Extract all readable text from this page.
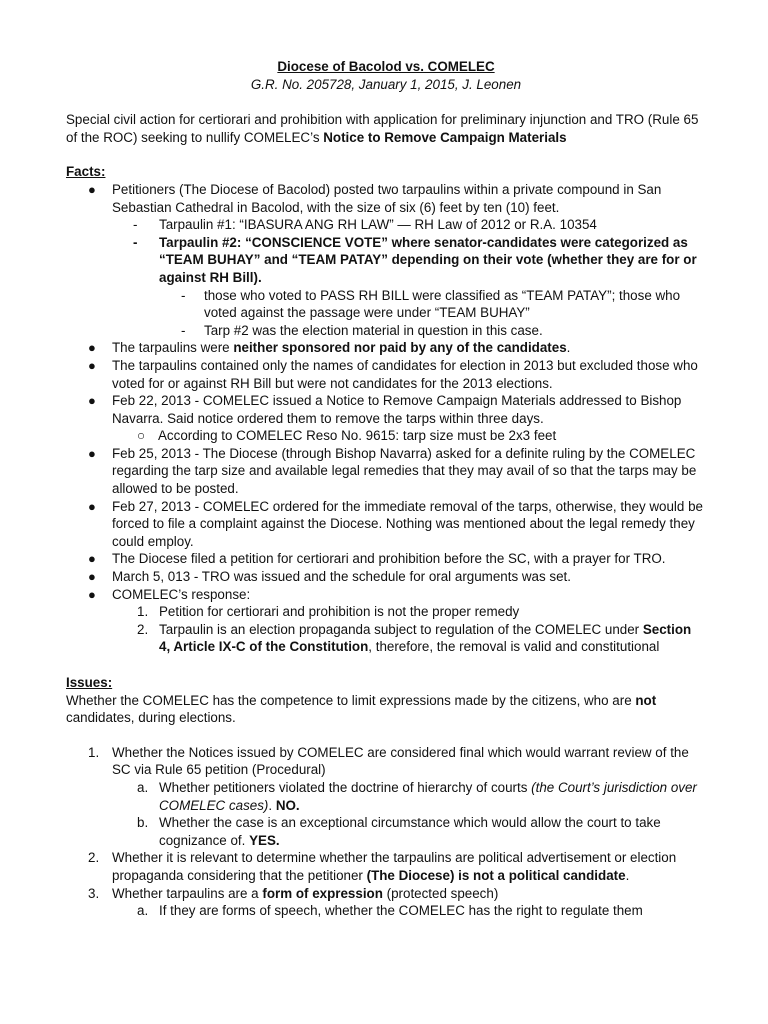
Diocese of Bacolod vs. COMELEC
G.R. No. 205728, January 1, 2015, J. Leonen
Special civil action for certiorari and prohibition with application for preliminary injunction and TRO (Rule 65 of the ROC) seeking to nullify COMELEC’s Notice to Remove Campaign Materials
Facts:
● Petitioners (The Diocese of Bacolod) posted two tarpaulins within a private compound in San Sebastian Cathedral in Bacolod, with the size of six (6) feet by ten (10) feet.
- Tarpaulin #1: “IBASURA ANG RH LAW” — RH Law of 2012 or R.A. 10354
- Tarpaulin #2: “CONSCIENCE VOTE” where senator-candidates were categorized as “TEAM BUHAY” and “TEAM PATAY” depending on their vote (whether they are for or against RH Bill).
- those who voted to PASS RH BILL were classified as “TEAM PATAY”; those who voted against the passage were under “TEAM BUHAY”
- Tarp #2 was the election material in question in this case.
● The tarpaulins were neither sponsored nor paid by any of the candidates.
● The tarpaulins contained only the names of candidates for election in 2013 but excluded those who voted for or against RH Bill but were not candidates for the 2013 elections.
● Feb 22, 2013 - COMELEC issued a Notice to Remove Campaign Materials addressed to Bishop Navarra. Said notice ordered them to remove the tarps within three days.
○ According to COMELEC Reso No. 9615: tarp size must be 2x3 feet
● Feb 25, 2013 - The Diocese (through Bishop Navarra) asked for a definite ruling by the COMELEC regarding the tarp size and available legal remedies that they may avail of so that the tarps may be allowed to be posted.
● Feb 27, 2013 - COMELEC ordered for the immediate removal of the tarps, otherwise, they would be forced to file a complaint against the Diocese. Nothing was mentioned about the legal remedy they could employ.
● The Diocese filed a petition for certiorari and prohibition before the SC, with a prayer for TRO.
● March 5, 013 - TRO was issued and the schedule for oral arguments was set.
● COMELEC’s response:
1. Petition for certiorari and prohibition is not the proper remedy
2. Tarpaulin is an election propaganda subject to regulation of the COMELEC under Section 4, Article IX-C of the Constitution, therefore, the removal is valid and constitutional
Issues:
Whether the COMELEC has the competence to limit expressions made by the citizens, who are not candidates, during elections.
1. Whether the Notices issued by COMELEC are considered final which would warrant review of the SC via Rule 65 petition (Procedural)
a. Whether petitioners violated the doctrine of hierarchy of courts (the Court’s jurisdiction over COMELEC cases). NO.
b. Whether the case is an exceptional circumstance which would allow the court to take cognizance of. YES.
2. Whether it is relevant to determine whether the tarpaulins are political advertisement or election propaganda considering that the petitioner (The Diocese) is not a political candidate.
3. Whether tarpaulins are a form of expression (protected speech)
a. If they are forms of speech, whether the COMELEC has the right to regulate them
